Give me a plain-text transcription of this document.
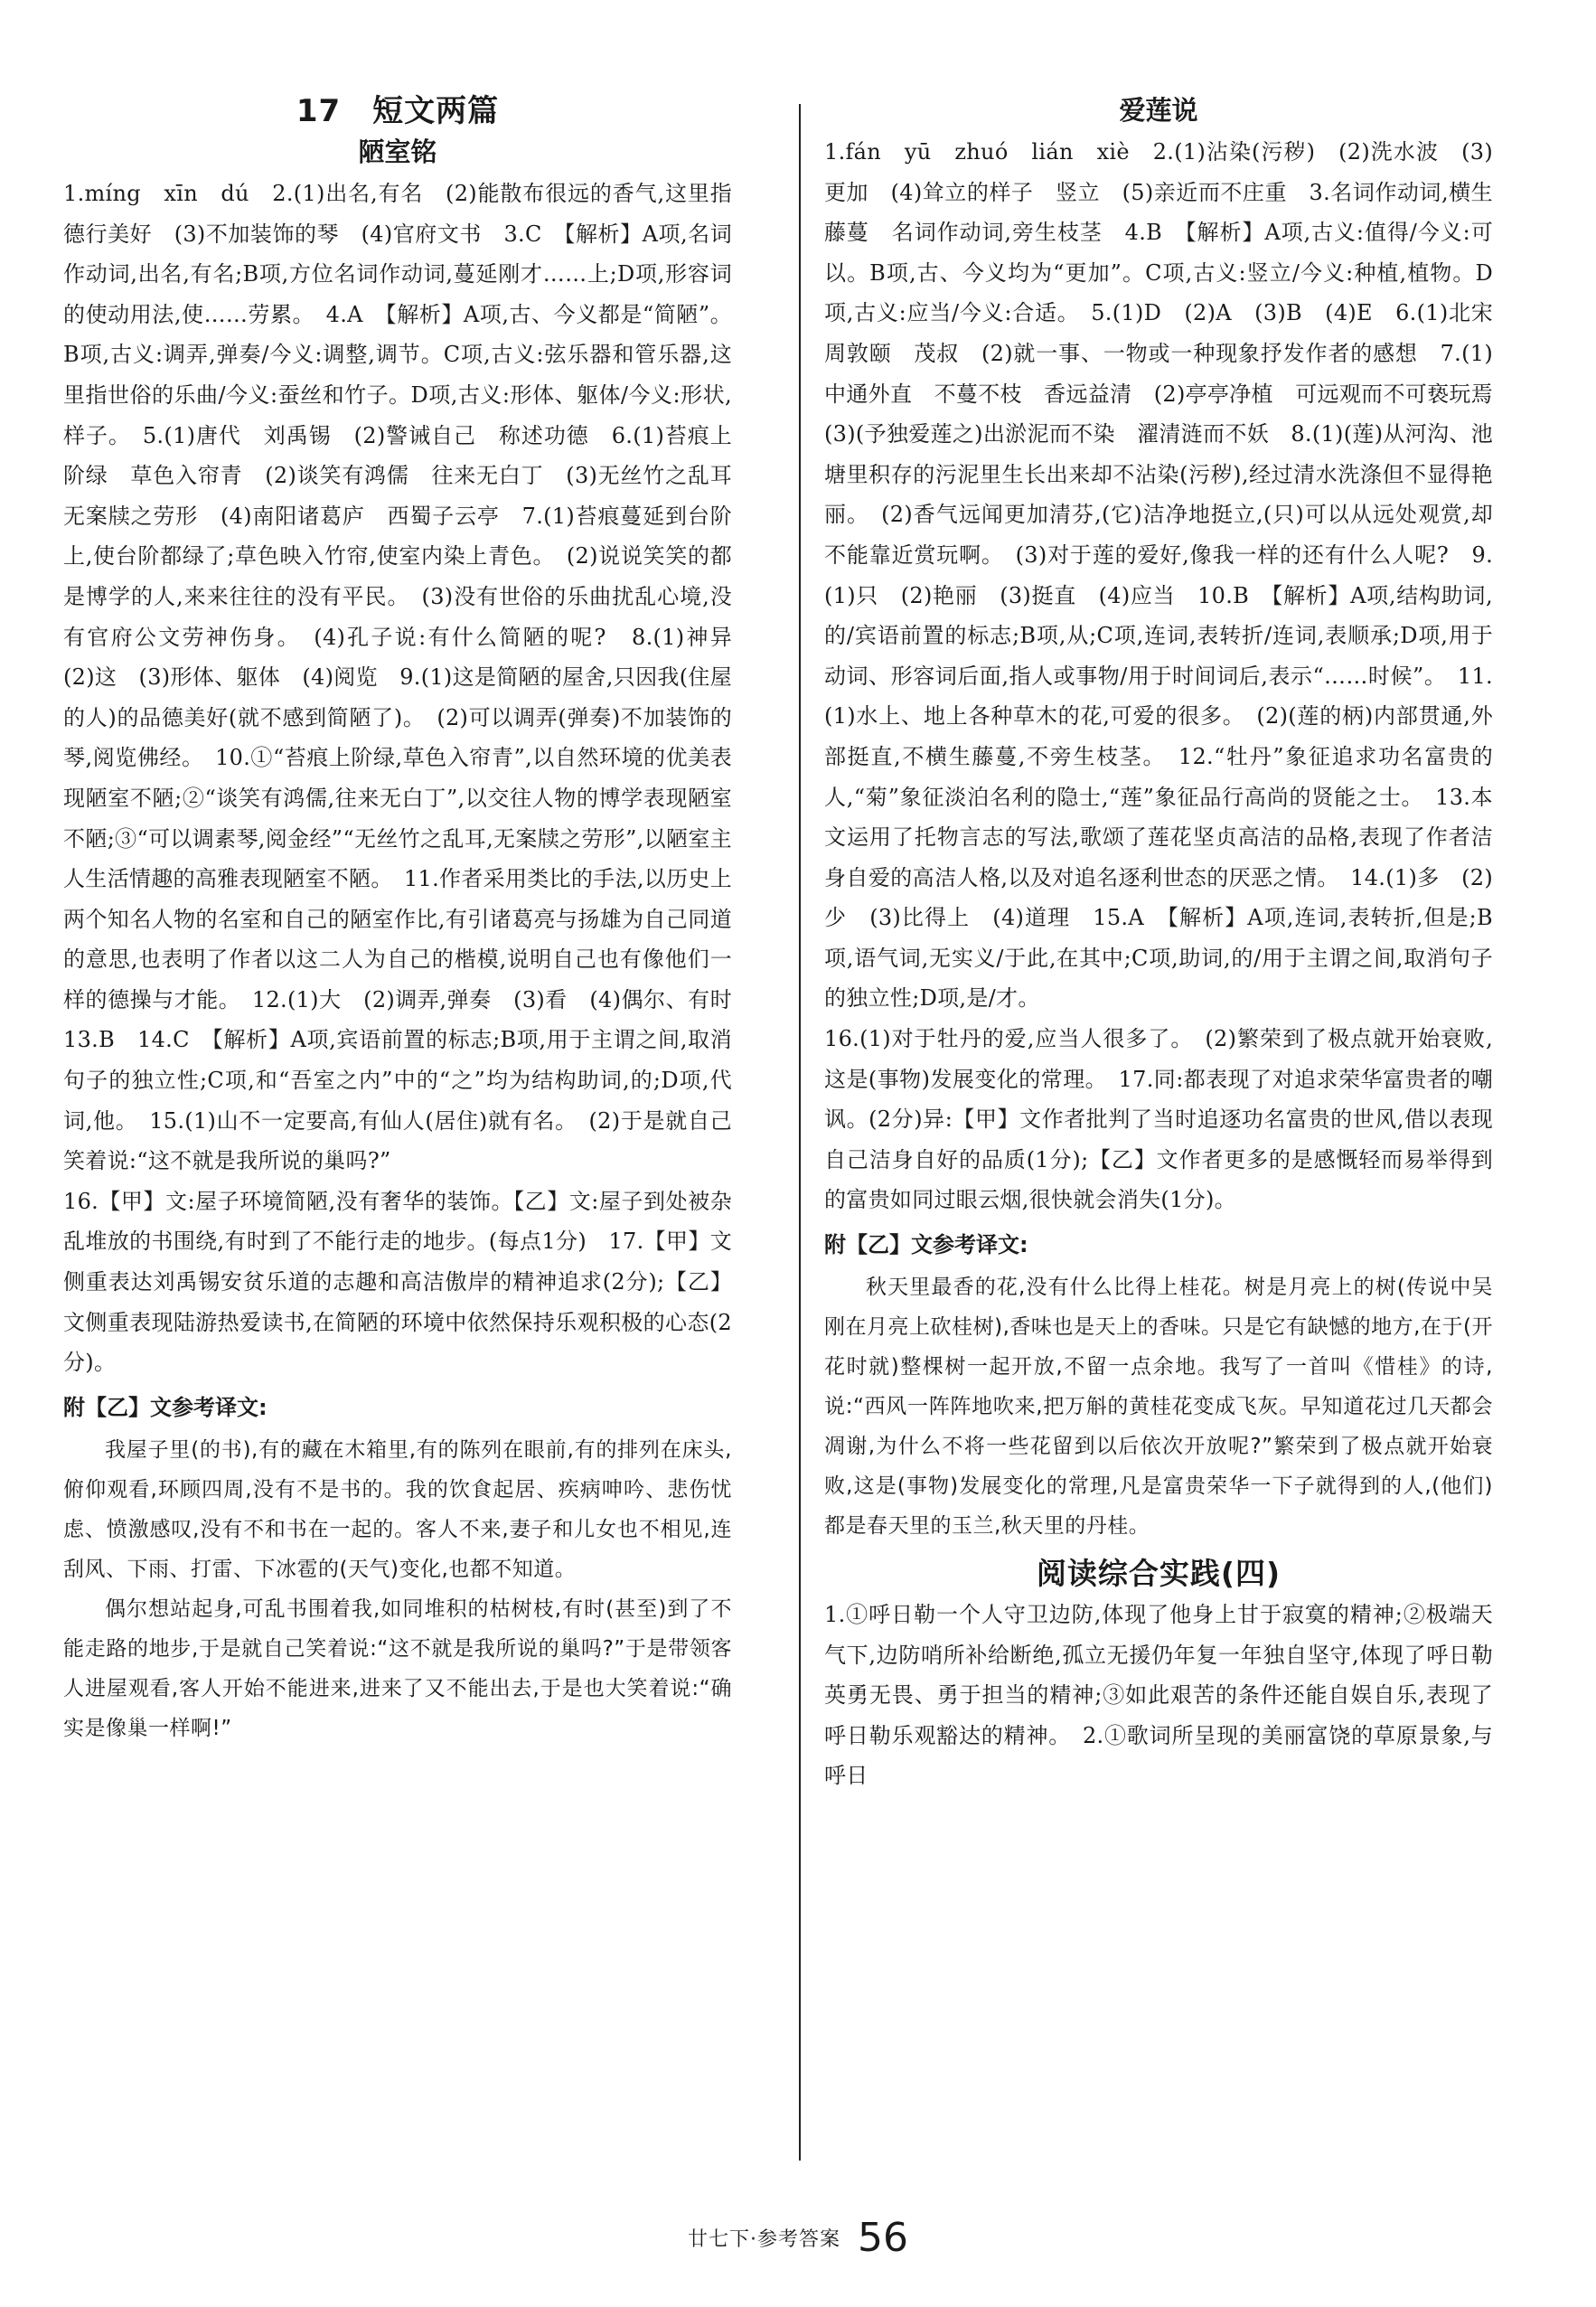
17　短文两篇
陋室铭

1.míng　xīn　dú　2.(1)出名,有名　(2)能散布很远的香气,这里指德行美好　(3)不加装饰的琴　(4)官府文书　3.C　【解析】A项,名词作动词,出名,有名;B项,方位名词作动词,蔓延刚才……上;D项,形容词的使动用法,使……劳累。　4.A　【解析】A项,古、今义都是“简陋”。B项,古义:调弄,弹奏/今义:调整,调节。C项,古义:弦乐器和管乐器,这里指世俗的乐曲/今义:蚕丝和竹子。D项,古义:形体、躯体/今义:形状,样子。　5.(1)唐代　刘禹锡　(2)警诫自己　称述功德　6.(1)苔痕上阶绿　草色入帘青　(2)谈笑有鸿儒　往来无白丁　(3)无丝竹之乱耳　无案牍之劳形　(4)南阳诸葛庐　西蜀子云亭　7.(1)苔痕蔓延到台阶上,使台阶都绿了;草色映入竹帘,使室内染上青色。　(2)说说笑笑的都是博学的人,来来往往的没有平民。　(3)没有世俗的乐曲扰乱心境,没有官府公文劳神伤身。　(4)孔子说:有什么简陋的呢?　8.(1)神异　(2)这　(3)形体、躯体　(4)阅览　9.(1)这是简陋的屋舍,只因我(住屋的人)的品德美好(就不感到简陋了)。　(2)可以调弄(弹奏)不加装饰的琴,阅览佛经。　10.①“苔痕上阶绿,草色入帘青”,以自然环境的优美表现陋室不陋;②“谈笑有鸿儒,往来无白丁”,以交往人物的博学表现陋室不陋;③“可以调素琴,阅金经”“无丝竹之乱耳,无案牍之劳形”,以陋室主人生活情趣的高雅表现陋室不陋。　11.作者采用类比的手法,以历史上两个知名人物的名室和自己的陋室作比,有引诸葛亮与扬雄为自己同道的意思,也表明了作者以这二人为自己的楷模,说明自己也有像他们一样的德操与才能。　12.(1)大　(2)调弄,弹奏　(3)看　(4)偶尔、有时　13.B　14.C　【解析】A项,宾语前置的标志;B项,用于主谓之间,取消句子的独立性;C项,和“吾室之内”中的“之”均为结构助词,的;D项,代词,他。　15.(1)山不一定要高,有仙人(居住)就有名。　(2)于是就自己笑着说:“这不就是我所说的巢吗?”

16.【甲】文:屋子环境简陋,没有奢华的装饰。【乙】文:屋子到处被杂乱堆放的书围绕,有时到了不能行走的地步。(每点1分)　17.【甲】文侧重表达刘禹锡安贫乐道的志趣和高洁傲岸的精神追求(2分);【乙】文侧重表现陆游热爱读书,在简陋的环境中依然保持乐观积极的心态(2分)。

附【乙】文参考译文:

我屋子里(的书),有的藏在木箱里,有的陈列在眼前,有的排列在床头,俯仰观看,环顾四周,没有不是书的。我的饮食起居、疾病呻吟、悲伤忧虑、愤激感叹,没有不和书在一起的。客人不来,妻子和儿女也不相见,连刮风、下雨、打雷、下冰雹的(天气)变化,也都不知道。

偶尔想站起身,可乱书围着我,如同堆积的枯树枝,有时(甚至)到了不能走路的地步,于是就自己笑着说:“这不就是我所说的巢吗?”于是带领客人进屋观看,客人开始不能进来,进来了又不能出去,于是也大笑着说:“确实是像巢一样啊!”

爱莲说

1.fán　yū　zhuó　lián　xiè　2.(1)沾染(污秽)　(2)洗水波　(3)更加　(4)耸立的样子　竖立　(5)亲近而不庄重　3.名词作动词,横生藤蔓　名词作动词,旁生枝茎　4.B　【解析】A项,古义:值得/今义:可以。B项,古、今义均为“更加”。C项,古义:竖立/今义:种植,植物。D项,古义:应当/今义:合适。　5.(1)D　(2)A　(3)B　(4)E　6.(1)北宋　周敦颐　茂叔　(2)就一事、一物或一种现象抒发作者的感想　7.(1)中通外直　不蔓不枝　香远益清　(2)亭亭净植　可远观而不可亵玩焉　(3)(予独爱莲之)出淤泥而不染　濯清涟而不妖　8.(1)(莲)从河沟、池塘里积存的污泥里生长出来却不沾染(污秽),经过清水洗涤但不显得艳丽。　(2)香气远闻更加清芬,(它)洁净地挺立,(只)可以从远处观赏,却不能靠近赏玩啊。　(3)对于莲的爱好,像我一样的还有什么人呢?　9.(1)只　(2)艳丽　(3)挺直　(4)应当　10.B　【解析】A项,结构助词,的/宾语前置的标志;B项,从;C项,连词,表转折/连词,表顺承;D项,用于动词、形容词后面,指人或事物/用于时间词后,表示“……时候”。　11.(1)水上、地上各种草木的花,可爱的很多。　(2)(莲的柄)内部贯通,外部挺直,不横生藤蔓,不旁生枝茎。　12.“牡丹”象征追求功名富贵的人,“菊”象征淡泊名利的隐士,“莲”象征品行高尚的贤能之士。　13.本文运用了托物言志的写法,歌颂了莲花坚贞高洁的品格,表现了作者洁身自爱的高洁人格,以及对追名逐利世态的厌恶之情。　14.(1)多　(2)少　(3)比得上　(4)道理　15.A　【解析】A项,连词,表转折,但是;B项,语气词,无实义/于此,在其中;C项,助词,的/用于主谓之间,取消句子的独立性;D项,是/才。

16.(1)对于牡丹的爱,应当人很多了。　(2)繁荣到了极点就开始衰败,这是(事物)发展变化的常理。　17.同:都表现了对追求荣华富贵者的嘲讽。(2分)异:【甲】文作者批判了当时追逐功名富贵的世风,借以表现自己洁身自好的品质(1分);【乙】文作者更多的是感慨轻而易举得到的富贵如同过眼云烟,很快就会消失(1分)。

附【乙】文参考译文:

秋天里最香的花,没有什么比得上桂花。树是月亮上的树(传说中吴刚在月亮上砍桂树),香味也是天上的香味。只是它有缺憾的地方,在于(开花时就)整棵树一起开放,不留一点余地。我写了一首叫《惜桂》的诗,说:“西风一阵阵地吹来,把万斛的黄桂花变成飞灰。早知道花过几天都会凋谢,为什么不将一些花留到以后依次开放呢?”繁荣到了极点就开始衰败,这是(事物)发展变化的常理,凡是富贵荣华一下子就得到的人,(他们)都是春天里的玉兰,秋天里的丹桂。

阅读综合实践(四)

1.①呼日勒一个人守卫边防,体现了他身上甘于寂寞的精神;②极端天气下,边防哨所补给断绝,孤立无援仍年复一年独自坚守,体现了呼日勒英勇无畏、勇于担当的精神;③如此艰苦的条件还能自娱自乐,表现了呼日勒乐观豁达的精神。　2.①歌词所呈现的美丽富饶的草原景象,与呼日

廿七下·参考答案 56
